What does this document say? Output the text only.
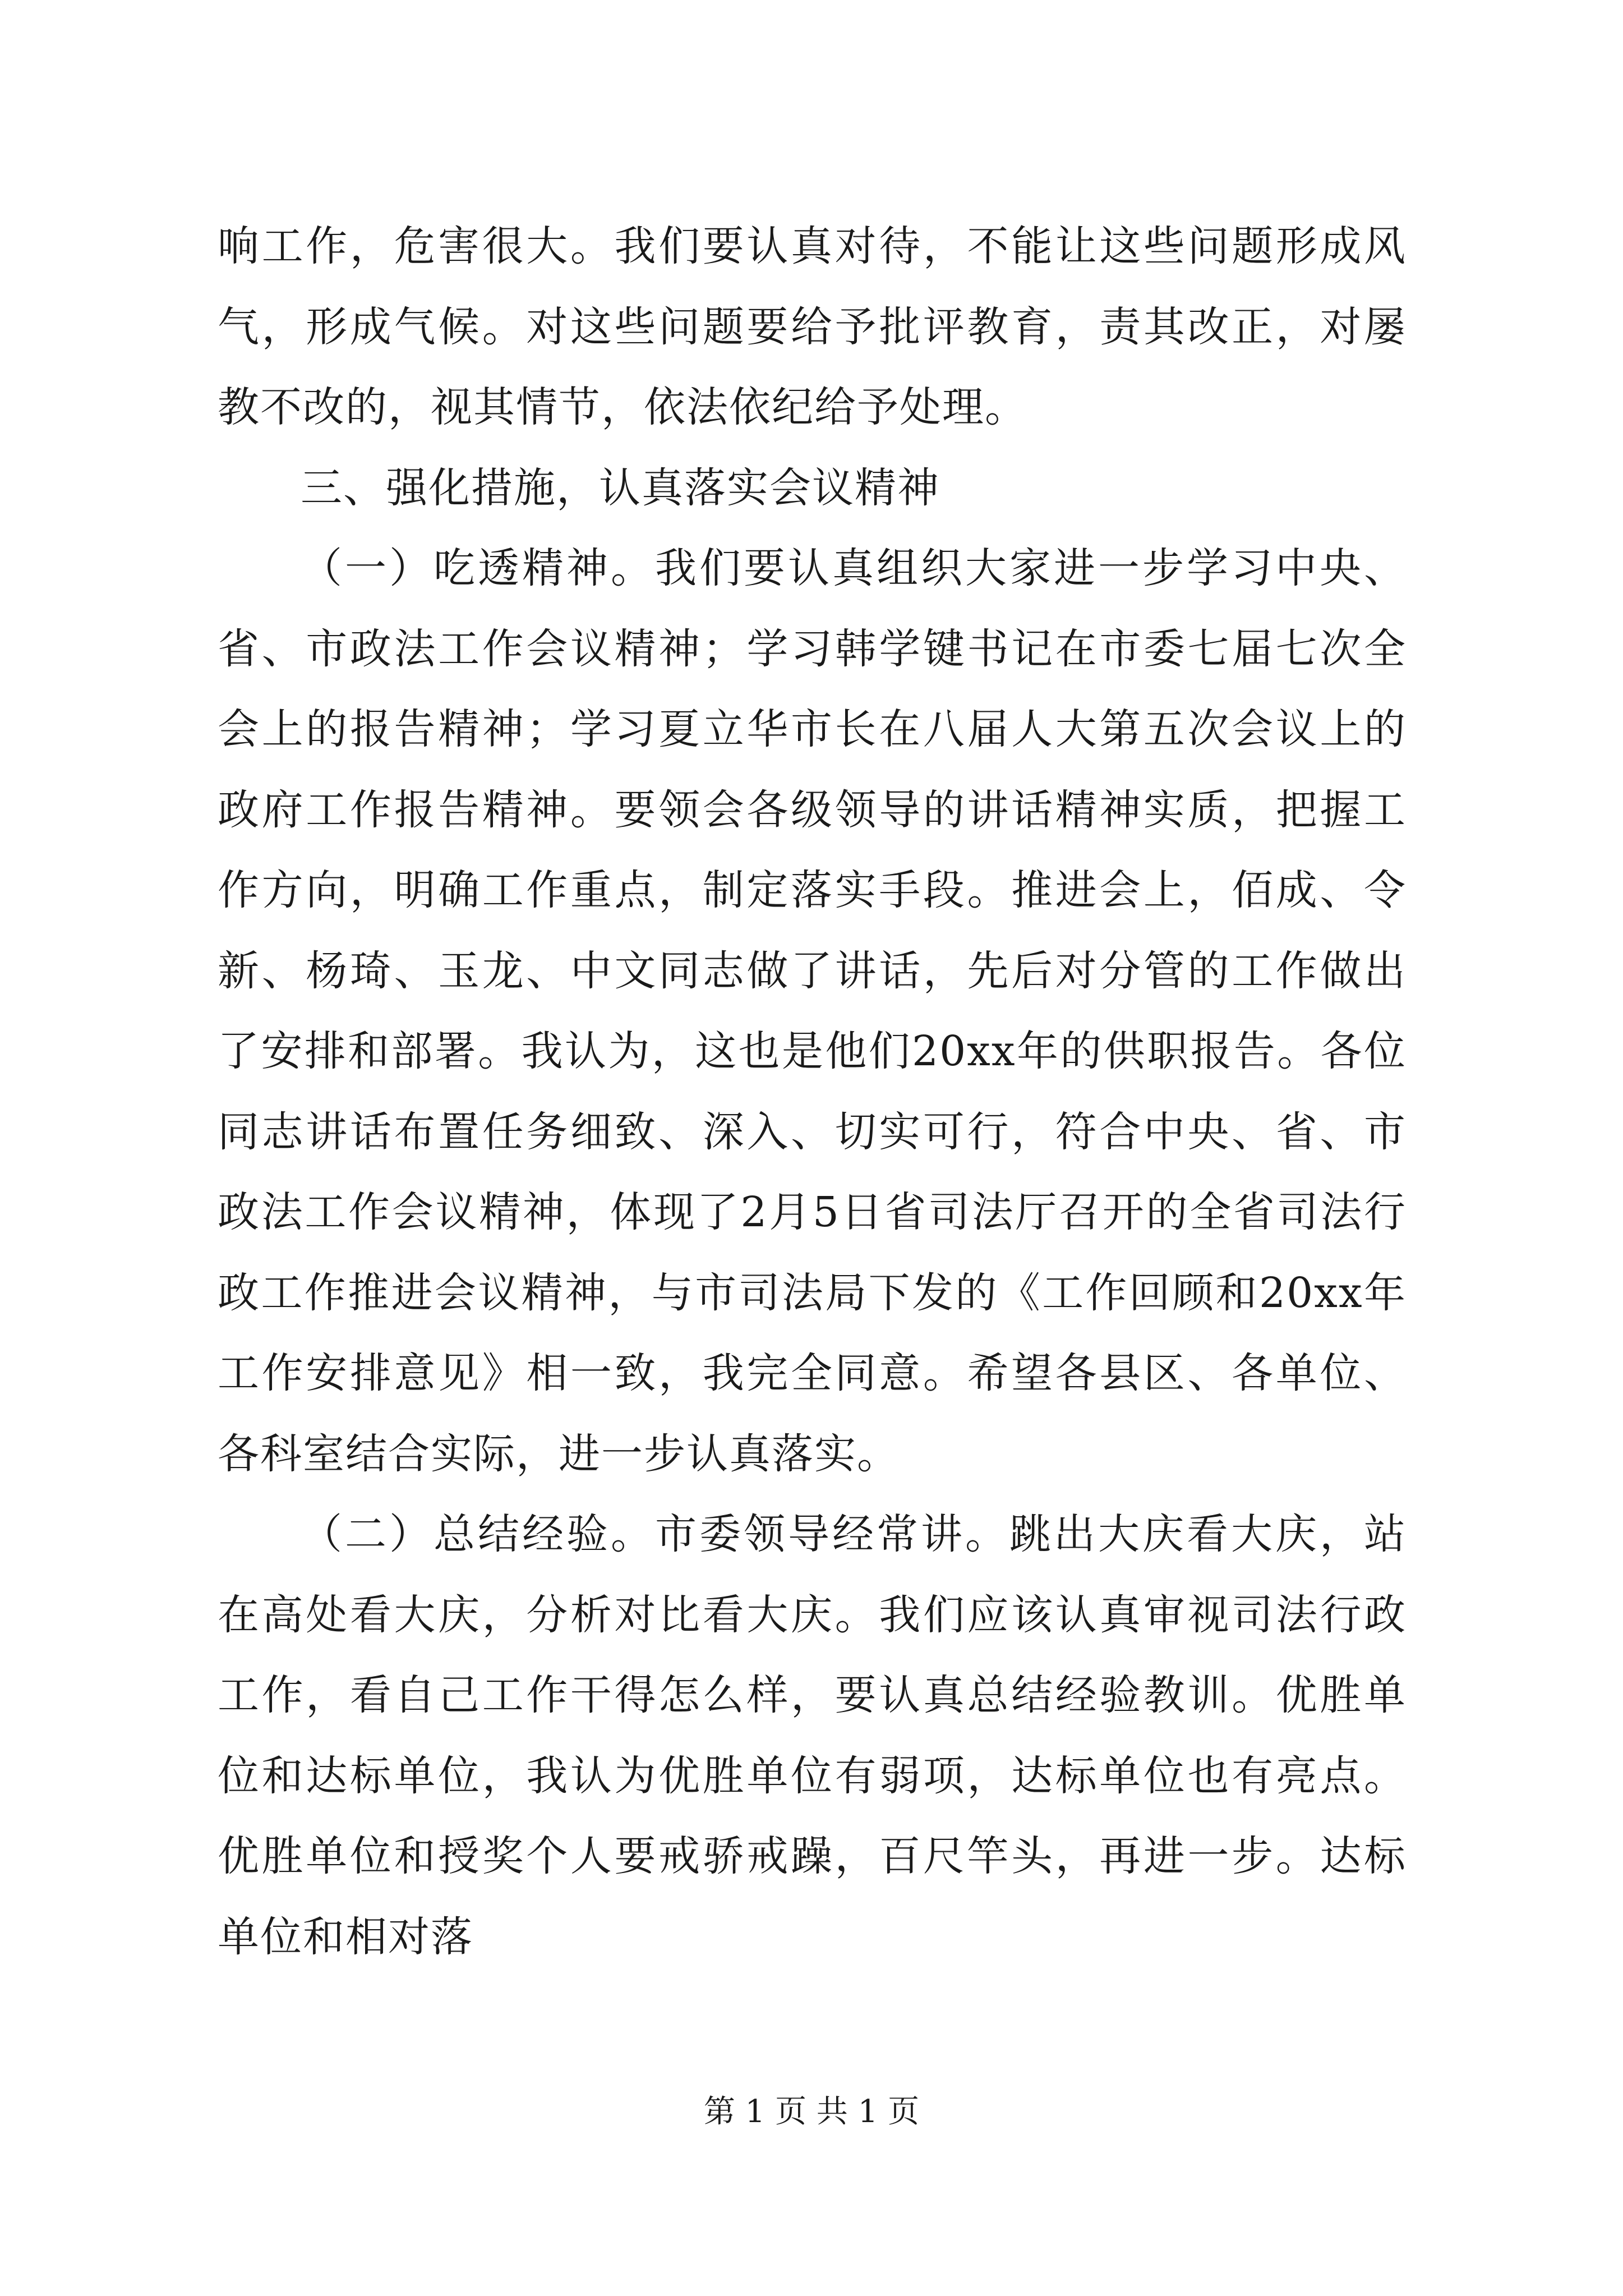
响工作，危害很大。我们要认真对待，不能让这些问题形成风气，形成气候。对这些问题要给予批评教育，责其改正，对屡教不改的，视其情节，依法依纪给予处理。

三、强化措施，认真落实会议精神

（一）吃透精神。我们要认真组织大家进一步学习中央、省、市政法工作会议精神；学习韩学键书记在市委七届七次全会上的报告精神；学习夏立华市长在八届人大第五次会议上的政府工作报告精神。要领会各级领导的讲话精神实质，把握工作方向，明确工作重点，制定落实手段。推进会上，佰成、令新、杨琦、玉龙、中文同志做了讲话，先后对分管的工作做出了安排和部署。我认为，这也是他们20xx年的供职报告。各位同志讲话布置任务细致、深入、切实可行，符合中央、省、市政法工作会议精神，体现了2月5日省司法厅召开的全省司法行政工作推进会议精神，与市司法局下发的《工作回顾和20xx年工作安排意见》相一致，我完全同意。希望各县区、各单位、各科室结合实际，进一步认真落实。

（二）总结经验。市委领导经常讲。跳出大庆看大庆，站在高处看大庆，分析对比看大庆。我们应该认真审视司法行政工作，看自己工作干得怎么样，要认真总结经验教训。优胜单位和达标单位，我认为优胜单位有弱项，达标单位也有亮点。优胜单位和授奖个人要戒骄戒躁，百尺竿头，再进一步。达标单位和相对落

第 1 页 共 1 页
